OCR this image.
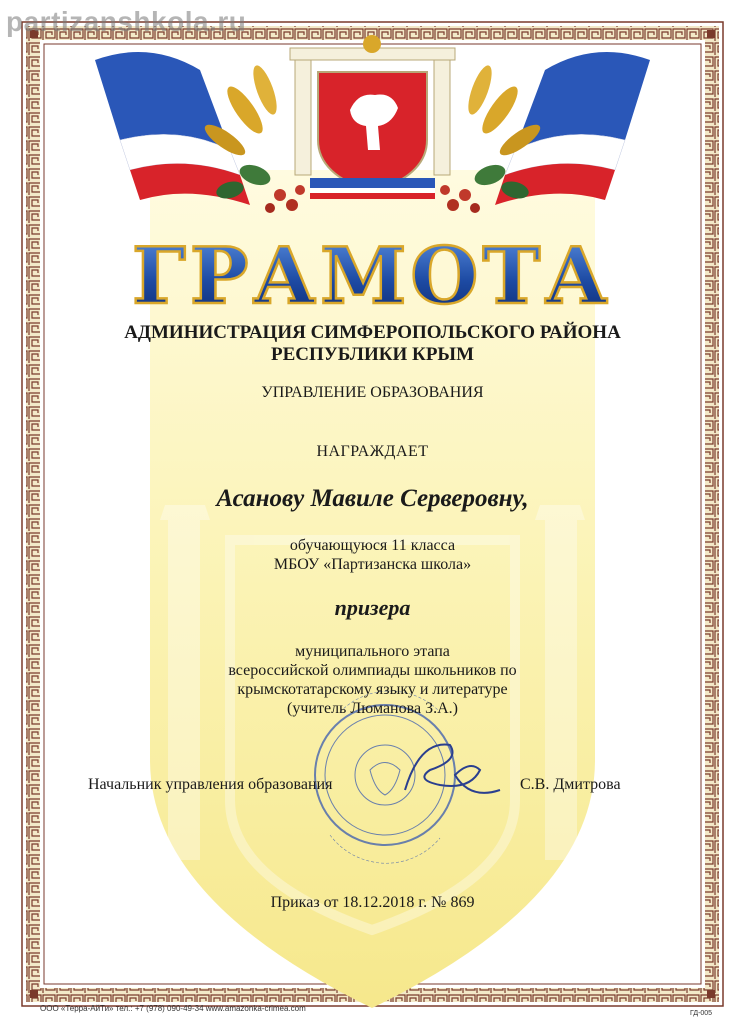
ГРАМОТА
partizanshkola.ru
АДМИНИСТРАЦИЯ СИМФЕРОПОЛЬСКОГО РАЙОНА
РЕСПУБЛИКИ КРЫМ
УПРАВЛЕНИЕ ОБРАЗОВАНИЯ
НАГРАЖДАЕТ
Асанову Мавиле Серверовну,
обучающуюся 11 класса
МБОУ «Партизанска школа»
призера
муниципального этапа
всероссийской олимпиады школьников по
крымскотатарскому языку и литературе
(учитель Люманова З.А.)
Начальник управления образования	С.В. Дмитрова
Приказ от 18.12.2018 г. № 869
ООО «Терра-АйТи» тел.: +7 (978) 090-49-34 www.amazonka-crimea.com
ГД-005
